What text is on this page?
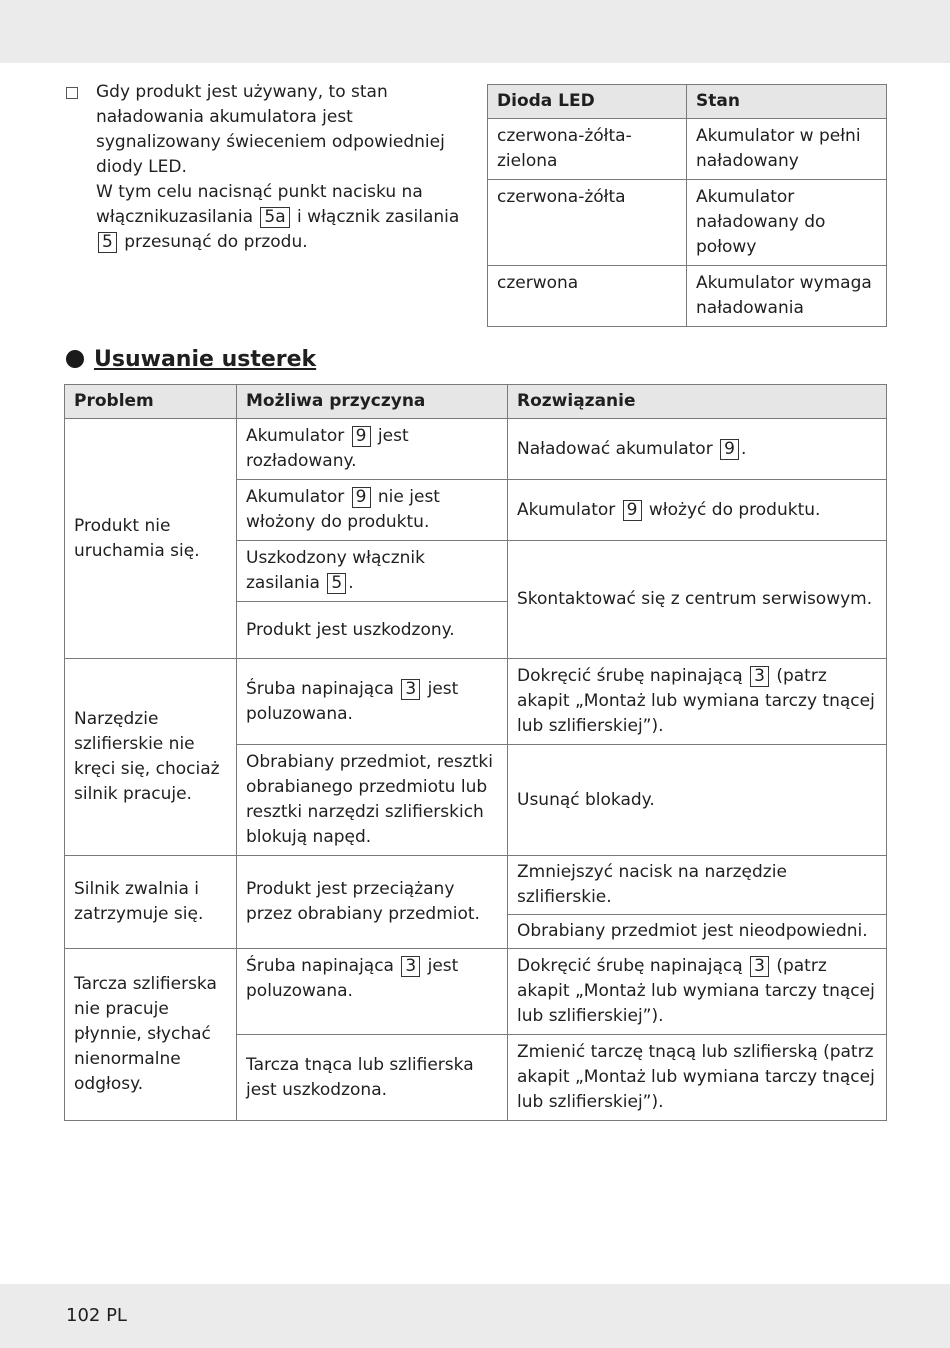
Gdy produkt jest używany, to stan naładowania akumulatora jest sygnalizowany świeceniem odpowiedniej diody LED.
W tym celu nacisnąć punkt nacisku na włącznikuzasilania 5a i włącznik zasilania 5 przesunąć do przodu.
Dioda LED	Stan
czerwona-żółta-zielona	Akumulator w pełni naładowany
czerwona-żółta	Akumulator naładowany do połowy
czerwona	Akumulator wymaga naładowania
Usuwanie usterek
Problem	Możliwa przyczyna	Rozwiązanie
Produkt nie uruchamia się.	Akumulator 9 jest rozładowany.	Naładować akumulator 9 .
	Akumulator 9 nie jest włożony do produktu.	Akumulator 9 włożyć do produktu.
	Uszkodzony włącznik zasilania 5 .	Skontaktować się z centrum serwisowym.
	Produkt jest uszkodzony.	
Narzędzie szlifierskie nie kręci się, chociaż silnik pracuje.	Śruba napinająca 3 jest poluzowana.	Dokręcić śrubę napinającą 3 (patrz akapit „Montaż lub wymiana tarczy tnącej lub szlifierskiej”).
	Obrabiany przedmiot, resztki obrabianego przedmiotu lub resztki narzędzi szlifierskich blokują napęd.	Usunąć blokady.
Silnik zwalnia i zatrzymuje się.	Produkt jest przeciążany przez obrabiany przedmiot.	Zmniejszyć nacisk na narzędzie szlifierskie.
		Obrabiany przedmiot jest nieodpowiedni.
Tarcza szlifierska nie pracuje płynnie, słychać nienormalne odgłosy.	Śruba napinająca 3 jest poluzowana.	Dokręcić śrubę napinającą 3 (patrz akapit „Montaż lub wymiana tarczy tnącej lub szlifierskiej”).
	Tarcza tnąca lub szlifierska jest uszkodzona.	Zmienić tarczę tnącą lub szlifierską (patrz akapit „Montaż lub wymiana tarczy tnącej lub szlifierskiej”).
102 PL
